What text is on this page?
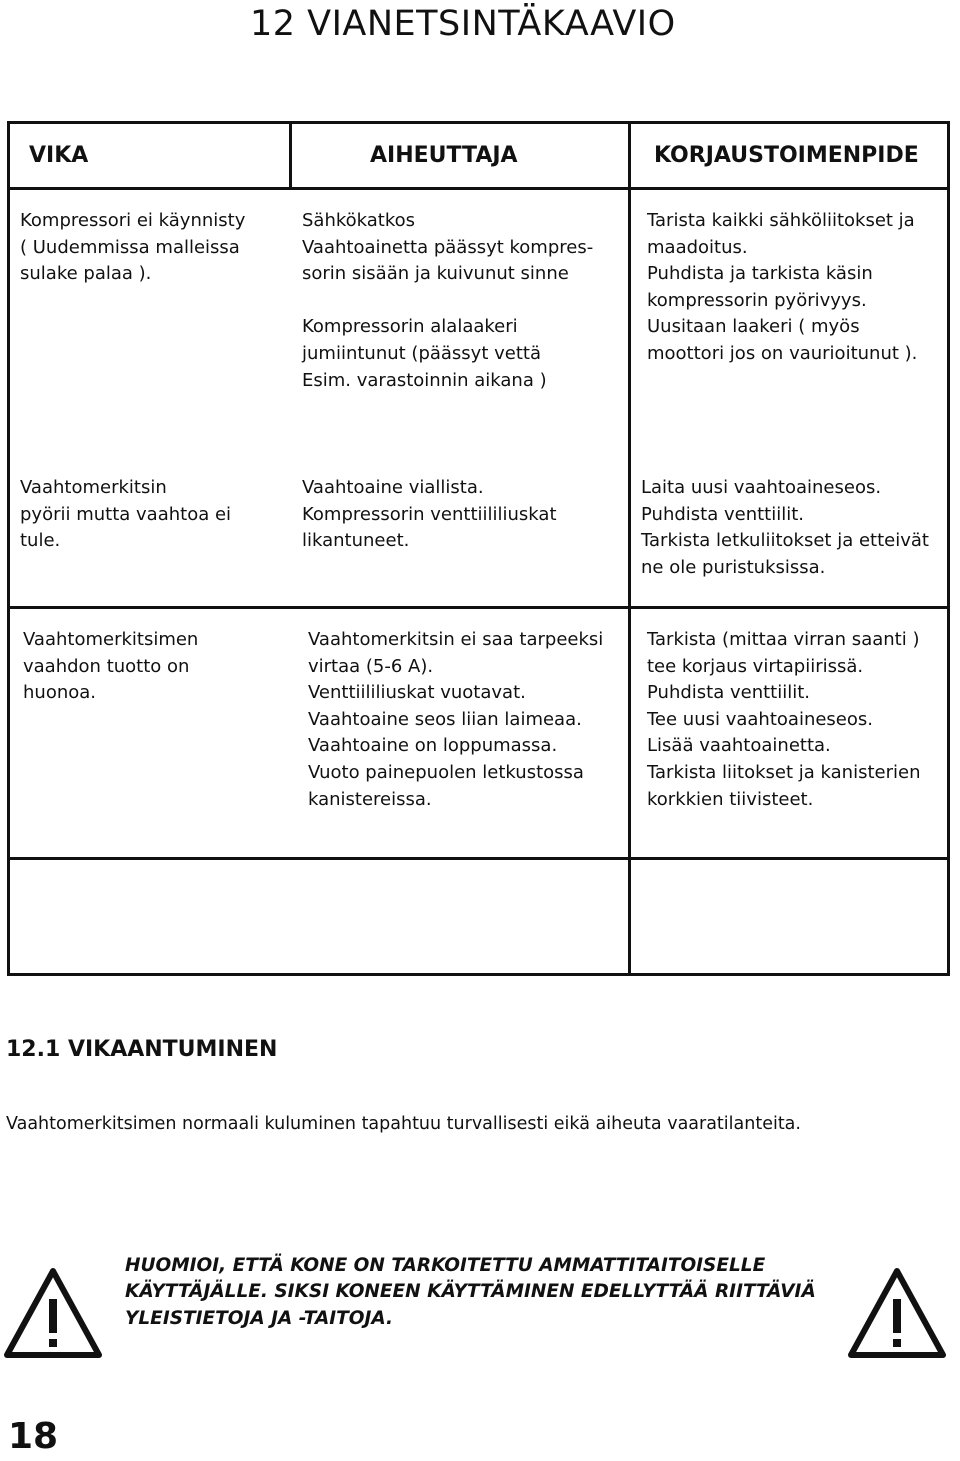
12 VIANETSINTÄKAAVIO
VIKA	AIHEUTTAJA	KORJAUSTOIMENPIDE
Kompressori ei käynnisty
( Uudemmissa malleissa
sulake palaa ).
Sähkökatkos
Vaahtoainetta päässyt kompres-
sorin sisään ja kuivunut sinne

Kompressorin alalaakeri
jumiintunut (päässyt vettä
Esim. varastoinnin aikana )
Tarista kaikki sähköliitokset ja
maadoitus.
Puhdista ja tarkista käsin
kompressorin pyörivyys.
Uusitaan laakeri ( myös
moottori jos on vaurioitunut ).
Vaahtomerkitsin
pyörii mutta vaahtoa ei
tule.
Vaahtoaine viallista.
Kompressorin venttiililiuskat
likantuneet.
Laita uusi vaahtoaineseos.
Puhdista venttiilit.
Tarkista letkuliitokset ja etteivät
ne ole puristuksissa.
Vaahtomerkitsimen
vaahdon tuotto on
huonoa.
Vaahtomerkitsin ei saa tarpeeksi
virtaa (5-6 A).
Venttiililiuskat vuotavat.
Vaahtoaine seos liian laimeaa.
Vaahtoaine on loppumassa.
Vuoto painepuolen letkustossa
kanistereissa.
Tarkista (mittaa virran saanti )
tee korjaus virtapiirissä.
Puhdista venttiilit.
Tee uusi vaahtoaineseos.
Lisää vaahtoainetta.
Tarkista liitokset ja kanisterien
korkkien tiivisteet.
12.1 VIKAANTUMINEN

Vaahtomerkitsimen normaali kuluminen tapahtuu turvallisesti eikä aiheuta vaaratilanteita.

HUOMIOI, ETTÄ KONE ON TARKOITETTU AMMATTITAITOISELLE KÄYTTÄJÄLLE. SIKSI KONEEN KÄYTTÄMINEN EDELLYTTÄÄ RIITTÄVIÄ YLEISTIETOJA JA -TAITOJA.

18
